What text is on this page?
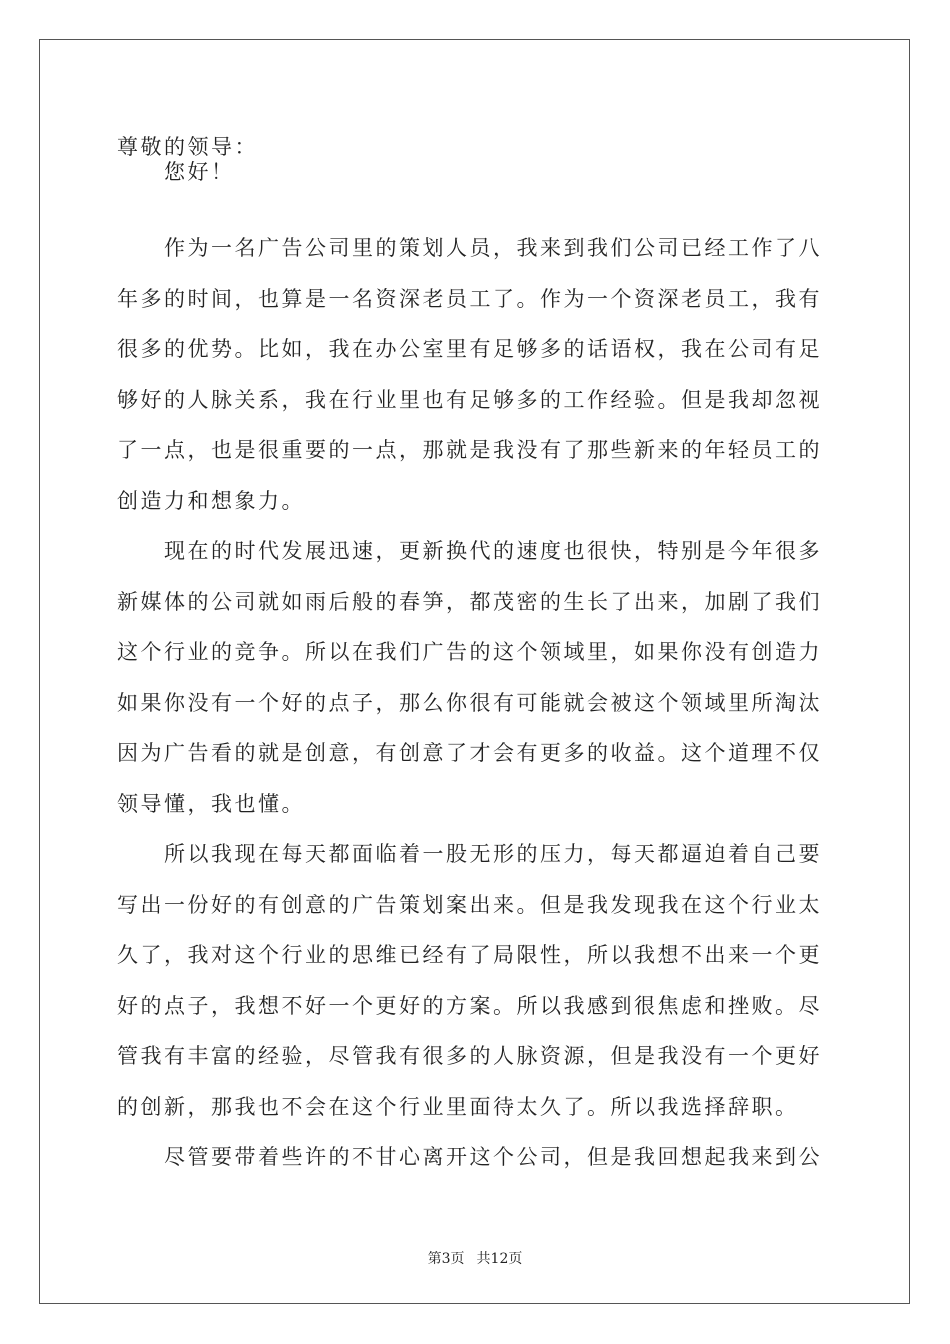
尊敬的领导：
　　您好！
　　作为一名广告公司里的策划人员，我来到我们公司已经工作了八
年多的时间，也算是一名资深老员工了。作为一个资深老员工，我有
很多的优势。比如，我在办公室里有足够多的话语权，我在公司有足
够好的人脉关系，我在行业里也有足够多的工作经验。但是我却忽视
了一点，也是很重要的一点，那就是我没有了那些新来的年轻员工的
创造力和想象力。
　　现在的时代发展迅速，更新换代的速度也很快，特别是今年很多
新媒体的公司就如雨后般的春笋，都茂密的生长了出来，加剧了我们
这个行业的竞争。所以在我们广告的这个领域里，如果你没有创造力
如果你没有一个好的点子，那么你很有可能就会被这个领域里所淘汰
因为广告看的就是创意，有创意了才会有更多的收益。这个道理不仅
领导懂，我也懂。
　　所以我现在每天都面临着一股无形的压力，每天都逼迫着自己要
写出一份好的有创意的广告策划案出来。但是我发现我在这个行业太
久了，我对这个行业的思维已经有了局限性，所以我想不出来一个更
好的点子，我想不好一个更好的方案。所以我感到很焦虑和挫败。尽
管我有丰富的经验，尽管我有很多的人脉资源，但是我没有一个更好
的创新，那我也不会在这个行业里面待太久了。所以我选择辞职。
　　尽管要带着些许的不甘心离开这个公司，但是我回想起我来到公
第3页 共12页
